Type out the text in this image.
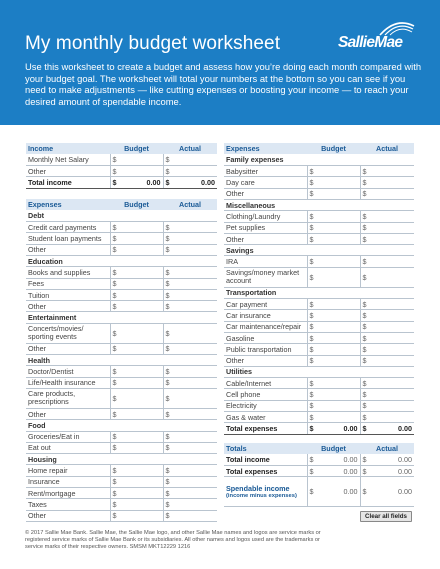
My monthly budget worksheet

Use this worksheet to create a budget and assess how you’re doing each month compared with your budget goal. The worksheet will total your numbers at the bottom so you can see if you need to make adjustments — like cutting expenses or boosting your income — to reach your desired amount of spendable income.

SallieMae
Income	Budget	Actual
Monthly Net Salary	$	$
Other	$	$
Total income	$ 0.00	$ 0.00
Expenses	Budget	Actual
Debt		
Credit card payments	$	$
Student loan payments	$	$
Other	$	$
Education		
Books and supplies	$	$
Fees	$	$
Tuition	$	$
Other	$	$
Entertainment		
Concerts/movies/ sporting events	$	$
Other	$	$
Health		
Doctor/Dentist	$	$
Life/Health insurance	$	$
Care products, prescriptions	$	$
Other	$	$
Food		
Groceries/Eat in	$	$
Eat out	$	$
Housing		
Home repair	$	$
Insurance	$	$
Rent/mortgage	$	$
Taxes	$	$
Other	$	$
Expenses	Budget	Actual
Family expenses		
Babysitter	$	$
Day care	$	$
Other	$	$
Miscellaneous		
Clothing/Laundry	$	$
Pet supplies	$	$
Other	$	$
Savings		
IRA	$	$
Savings/money market account	$	$
Transportation		
Car payment	$	$
Car insurance	$	$
Car maintenance/repair	$	$
Gasoline	$	$
Public transportation	$	$
Other	$	$
Utilities		
Cable/Internet	$	$
Cell phone	$	$
Electricity	$	$
Gas & water	$	$
Total expenses	$ 0.00	$ 0.00
Totals	Budget	Actual
Total income	$ 0.00	$ 0.00

Total expenses	$ 0.00	$ 0.00

Spendable income
(income minus expenses)	$ 0.00	$ 0.00
Clear all fields
© 2017 Sallie Mae Bank. Sallie Mae, the Sallie Mae logo, and other Sallie Mae names and logos are service marks or registered service marks of Sallie Mae Bank or its subsidiaries. All other names and logos used are the trademarks or service marks of their respective owners. SMSM MKT12229 1216
